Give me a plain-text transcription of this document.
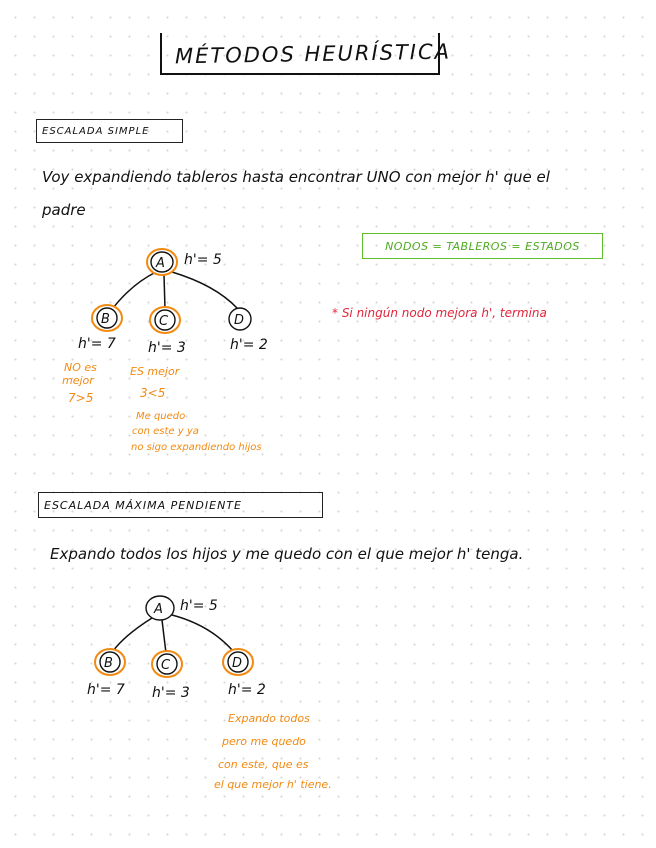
MÉTODOS HEURÍSTICA
ESCALADA SIMPLE
Voy expandiendo tableros hasta encontrar UNO con mejor h' que el
padre
NODOS = TABLEROS = ESTADOS
* Si ningún nodo mejora h', termina
A
B	C	D
A
B	C	D
h'= 5
h'= 7 h'= 3	h'= 2
NO es
mejor
7>5
ES mejor
3<5
Me quedo
con este y ya
no sigo expandiendo hijos
ESCALADA MÁXIMA PENDIENTE
Expando todos los hijos y me quedo con el que mejor h' tenga.
h'= 5
h'= 7 h'= 3	h'= 2
Expando todos
pero me quedo
con este, que es
el que mejor h' tiene.
